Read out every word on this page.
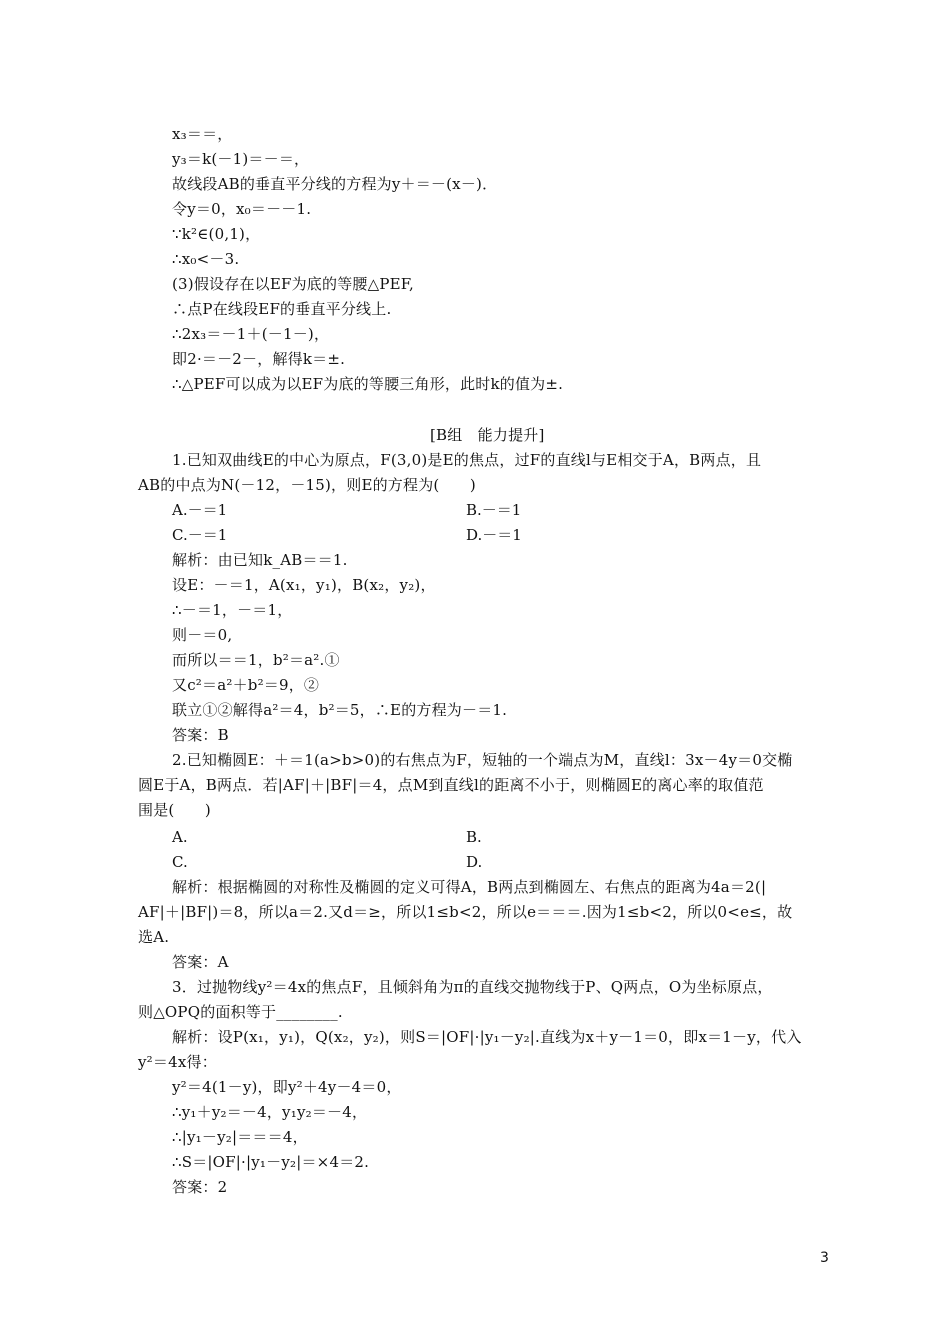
x₃＝＝，
y₃＝k(－1)＝－＝，
故线段AB的垂直平分线的方程为y＋＝－(x－)．
令y＝0，x₀＝－－1.
∵k²∈(0,1)，
∴x₀<－3.
(3)假设存在以EF为底的等腰△PEF,
∴点P在线段EF的垂直平分线上.
∴2x₃＝－1＋(－1－)，
即2·＝－2－，解得k＝±.
∴△PEF可以成为以EF为底的等腰三角形，此时k的值为±.
[B组　能力提升]
1.已知双曲线E的中心为原点，F(3,0)是E的焦点，过F的直线l与E相交于A，B两点，且
AB的中点为N(－12，－15)，则E的方程为(　　)
A.－＝1	B.－＝1
C.－＝1	D.－＝1
解析：由已知k_AB＝＝1.
设E：－＝1，A(x₁，y₁)，B(x₂，y₂)，
∴－＝1，－＝1，
则－＝0,
而所以＝＝1，b²＝a².①
又c²＝a²＋b²＝9，②
联立①②解得a²＝4，b²＝5，∴E的方程为－＝1.
答案：B
2.已知椭圆E：＋＝1(a>b>0)的右焦点为F，短轴的一个端点为M，直线l：3x－4y＝0交椭
圆E于A，B两点．若|AF|＋|BF|＝4，点M到直线l的距离不小于，则椭圆E的离心率的取值范
围是(　　)
A.	B.
C.	D.
解析：根据椭圆的对称性及椭圆的定义可得A，B两点到椭圆左、右焦点的距离为4a＝2(|
AF|＋|BF|)＝8，所以a＝2.又d＝≥，所以1≤b<2，所以e＝＝＝.因为1≤b<2，所以0<e≤，故
选A.
答案：A
3．过抛物线y²＝4x的焦点F，且倾斜角为π的直线交抛物线于P、Q两点，O为坐标原点，
则△OPQ的面积等于________.
解析：设P(x₁，y₁)，Q(x₂，y₂)，则S＝|OF|·|y₁－y₂|.直线为x＋y－1＝0，即x＝1－y，代入
y²＝4x得：
y²＝4(1－y)，即y²＋4y－4＝0，
∴y₁＋y₂＝－4，y₁y₂＝－4，
∴|y₁－y₂|＝＝＝4，
∴S＝|OF|·|y₁－y₂|＝×4＝2.
答案：2
3
